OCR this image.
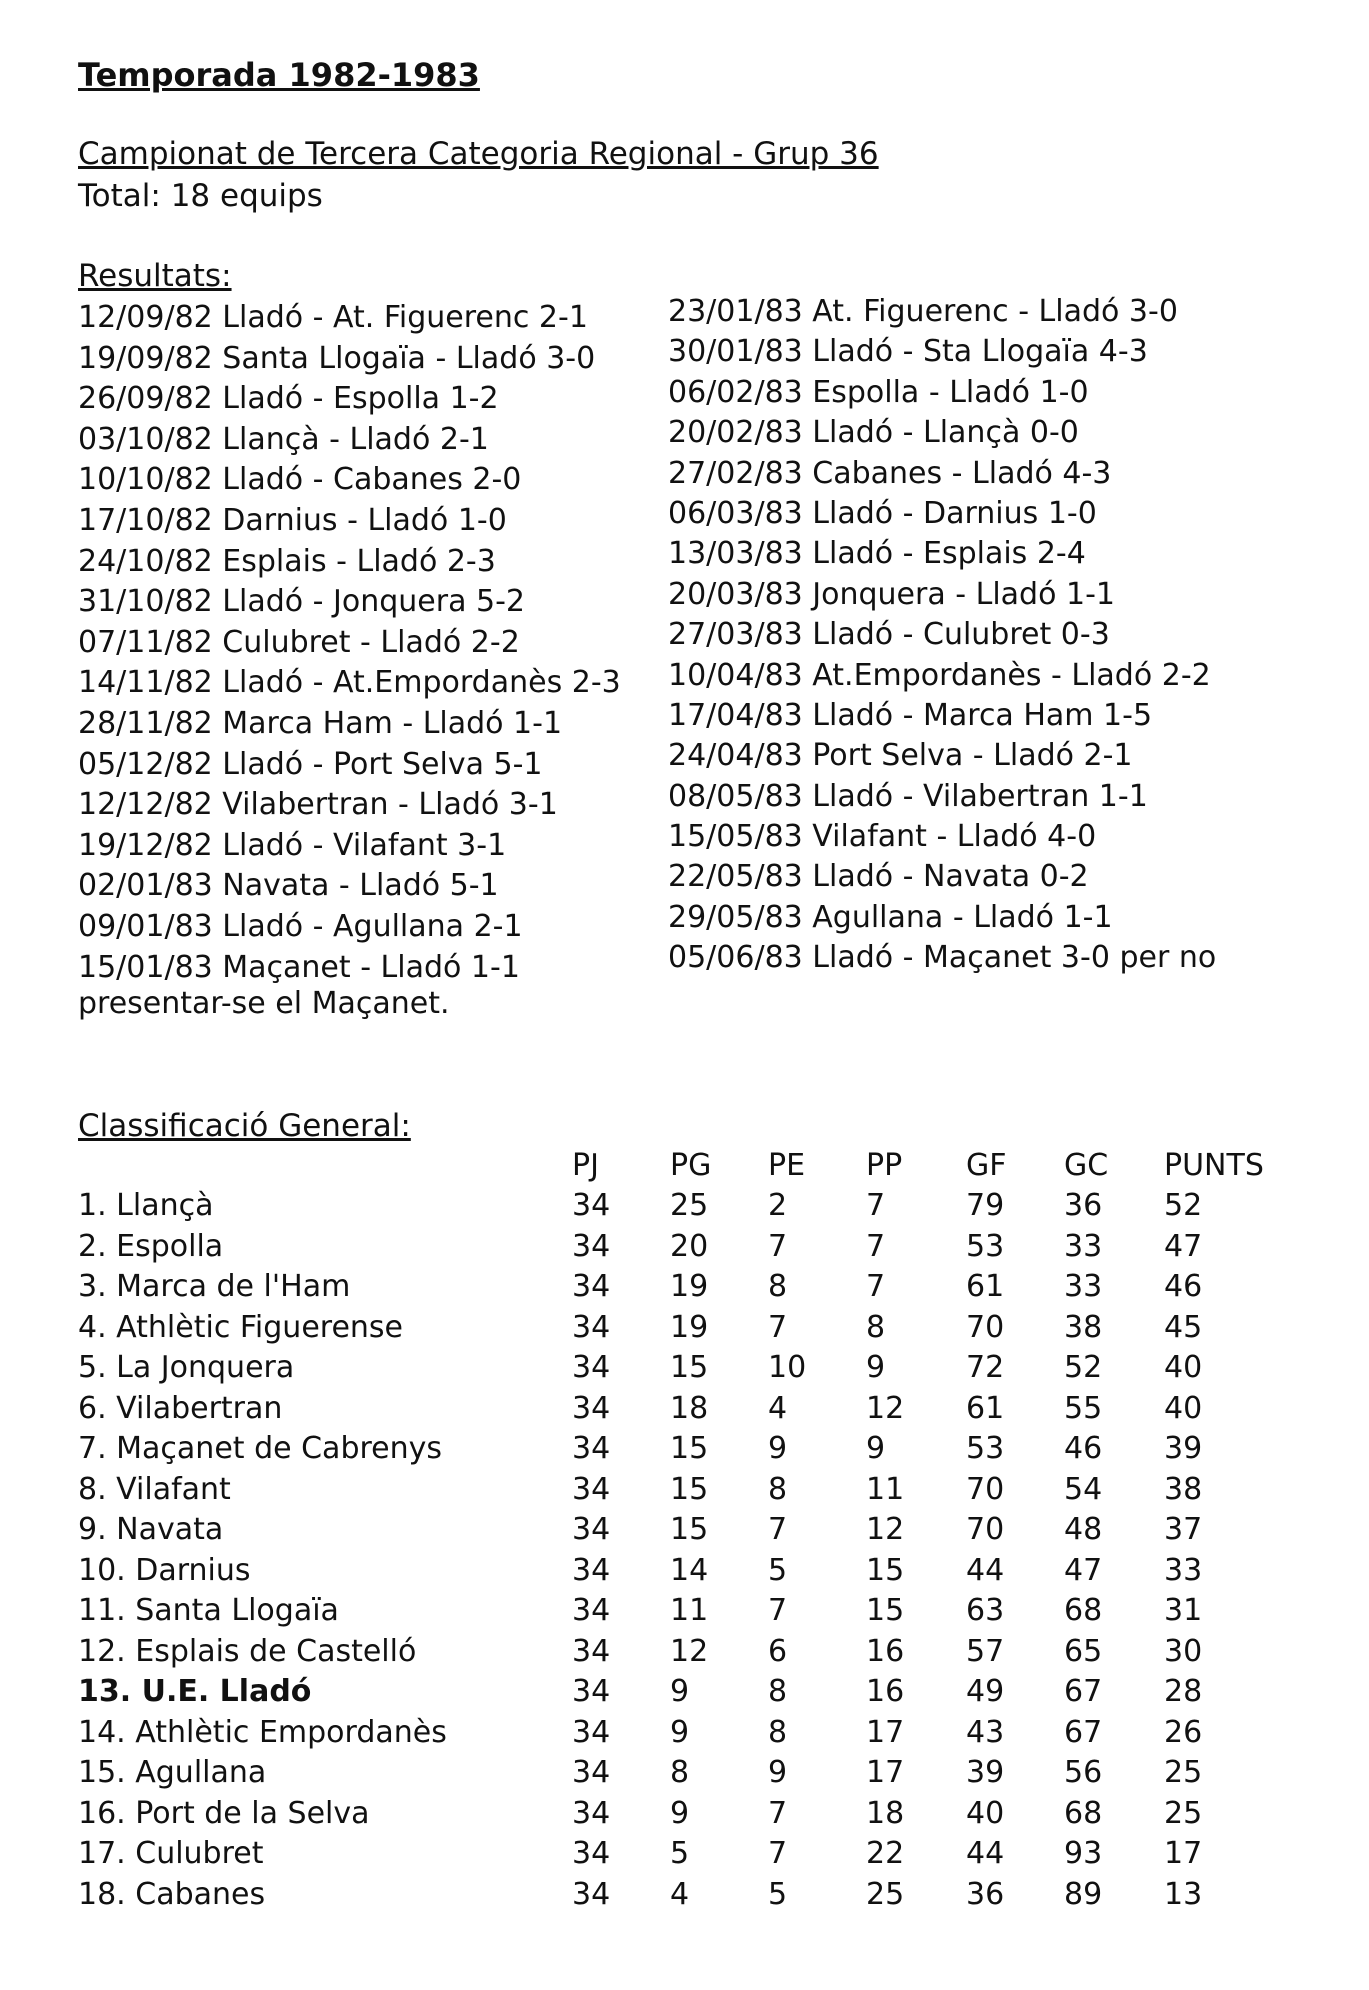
Temporada 1982-1983
Campionat de Tercera Categoria Regional - Grup 36
Total: 18 equips
Resultats:
12/09/82 Lladó - At. Figuerenc 2-1
19/09/82 Santa Llogaïa - Lladó 3-0
26/09/82 Lladó - Espolla 1-2
03/10/82 Llançà - Lladó 2-1
10/10/82 Lladó - Cabanes 2-0
17/10/82 Darnius - Lladó 1-0
24/10/82 Esplais - Lladó 2-3
31/10/82 Lladó - Jonquera 5-2
07/11/82 Culubret - Lladó 2-2
14/11/82 Lladó - At.Empordanès 2-3
28/11/82 Marca Ham - Lladó 1-1
05/12/82 Lladó - Port Selva 5-1
12/12/82 Vilabertran - Lladó 3-1
19/12/82 Lladó - Vilafant 3-1
02/01/83 Navata - Lladó 5-1
09/01/83 Lladó - Agullana 2-1
15/01/83 Maçanet - Lladó 1-1
23/01/83 At. Figuerenc - Lladó 3-0
30/01/83 Lladó - Sta Llogaïa 4-3
06/02/83 Espolla - Lladó 1-0
20/02/83 Lladó - Llançà 0-0
27/02/83 Cabanes - Lladó 4-3
06/03/83 Lladó - Darnius 1-0
13/03/83 Lladó - Esplais 2-4
20/03/83 Jonquera - Lladó 1-1
27/03/83 Lladó - Culubret 0-3
10/04/83 At.Empordanès - Lladó 2-2
17/04/83 Lladó - Marca Ham 1-5
24/04/83 Port Selva - Lladó 2-1
08/05/83 Lladó - Vilabertran 1-1
15/05/83 Vilafant - Lladó 4-0
22/05/83 Lladó - Navata 0-2
29/05/83 Agullana - Lladó 1-1
05/06/83 Lladó - Maçanet 3-0 per no
presentar-se el Maçanet.
Classificació General:
PJ PG PE PP GF GC PUNTS
1. Llançà	34 25 2	7	79 36 52
2. Espolla	34 20 7	7	53 33 47
3. Marca de l'Ham	34 19 8	7	61 33 46
4. Athlètic Figuerense	34 19 7	8	70 38 45
5. La Jonquera	34 15 10 9	72 52 40
6. Vilabertran	34 18 4	12 61 55 40
7. Maçanet de Cabrenys	34 15 9	9	53 46 39
8. Vilafant	34 15 8	11 70 54 38
9. Navata	34 15 7	12 70 48 37
10. Darnius	34 14 5	15 44 47 33
11. Santa Llogaïa	34 11 7	15 63 68 31
12. Esplais de Castelló	34 12 6	16 57 65 30
13. U.E. Lladó	34 9	8	16 49 67 28
14. Athlètic Empordanès	34 9	8	17 43 67 26
15. Agullana	34 8	9	17 39 56 25
16. Port de la Selva	34 9	7	18 40 68 25
17. Culubret	34 5	7	22 44 93 17
18. Cabanes	34 4	5	25 36 89 13
